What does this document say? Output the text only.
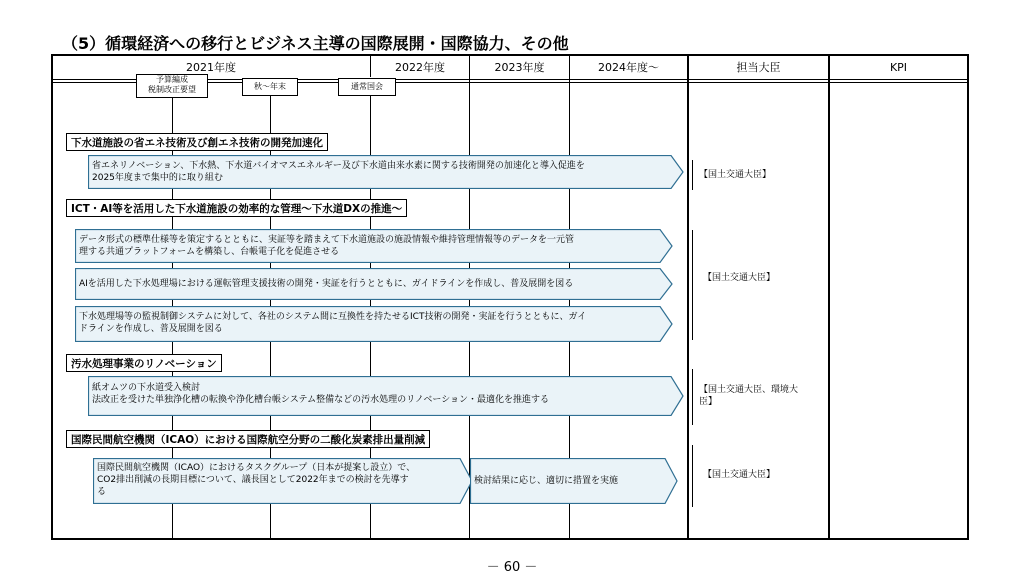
（5）循環経済への移行とビジネス主導の国際展開・国際協力、その他
2021年度	2022年度	2023年度	2024年度～	担当大臣	KPI
予算編成
税制改正要望	秋～年末	通常国会
下水道施設の省エネ技術及び創エネ技術の開発加速化
省エネリノベーション、下水熱、下水道バイオマスエネルギー及び下水道由来水素に関する技術開発の加速化と導入促進を
2025年度まで集中的に取り組む	【国土交通大臣】
ICT・AI等を活用した下水道施設の効率的な管理～下水道DXの推進～
データ形式の標準仕様等を策定するとともに、実証等を踏まえて下水道施設の施設情報や維持管理情報等のデータを一元管
理する共通プラットフォームを構築し、台帳電子化を促進させる
AIを活用した下水処理場における運転管理支援技術の開発・実証を行うとともに、ガイドラインを作成し、普及展開を図る
下水処理場等の監視制御システムに対して、各社のシステム間に互換性を持たせるICT技術の開発・実証を行うとともに、ガイ
ドラインを作成し、普及展開を図る
【国土交通大臣】
汚水処理事業のリノベーション
紙オムツの下水道受入検討
法改正を受けた単独浄化槽の転換や浄化槽台帳システム整備などの汚水処理のリノベーション・最適化を推進する
【国土交通大臣、環境大
臣】
国際民間航空機関（ICAO）における国際航空分野の二酸化炭素排出量削減
国際民間航空機関（ICAO）におけるタスクグループ（日本が提案し設立）で、
CO2排出削減の長期目標について、議長国として2022年までの検討を先導す
る
検討結果に応じ、適切に措置を実施
【国土交通大臣】
－ 60 －
